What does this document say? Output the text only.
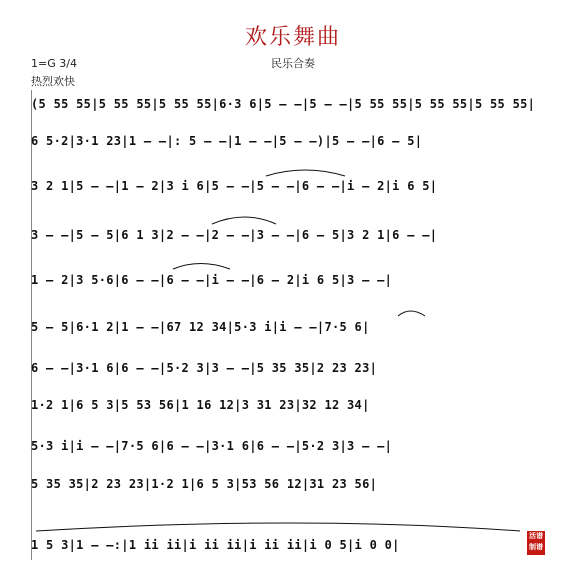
欢乐舞曲
民乐合奏
1=G 3/4
热烈欢快
(5 55 55|5 55 55|5 55 55|6·3 6|5 — —|5 — —|5 55 55|5 55 55|5 55 55|
6 5·2|3·1 23|1 — —|: 5 — —|1 — —|5 — —)|5 — —|6 — 5|
3 2 1|5 — —|1 — 2|3 i 6|5 — —|5 — —|6 — —|i — 2|i 6 5|
3 — —|5 — 5|6 1 3|2 — —|2 — —|3 — —|6 — 5|3 2 1|6 — —|
1 — 2|3 5·6|6 — —|6 — —|i — —|6 — 2|i 6 5|3 — —|
5 — 5|6·1 2|1 — —|67 12 34|5·3 i|i — —|7·5 6|
6 — —|3·1 6|6 — —|5·2 3|3 — —|5 35 35|2 23 23|
1·2 1|6 5 3|5 53 56|1 16 12|3 31 23|32 12 34|
5·3 i|i — —|7·5 6|6 — —|3·1 6|6 — —|5·2 3|3 — —|
5 35 35|2 23 23|1·2 1|6 5 3|53 56 12|31 23 56|
1 5 3|1 — —:|1 ii ii|i ii ii|i ii ii|i 0 5|i 0 0|
活谱
制谱
